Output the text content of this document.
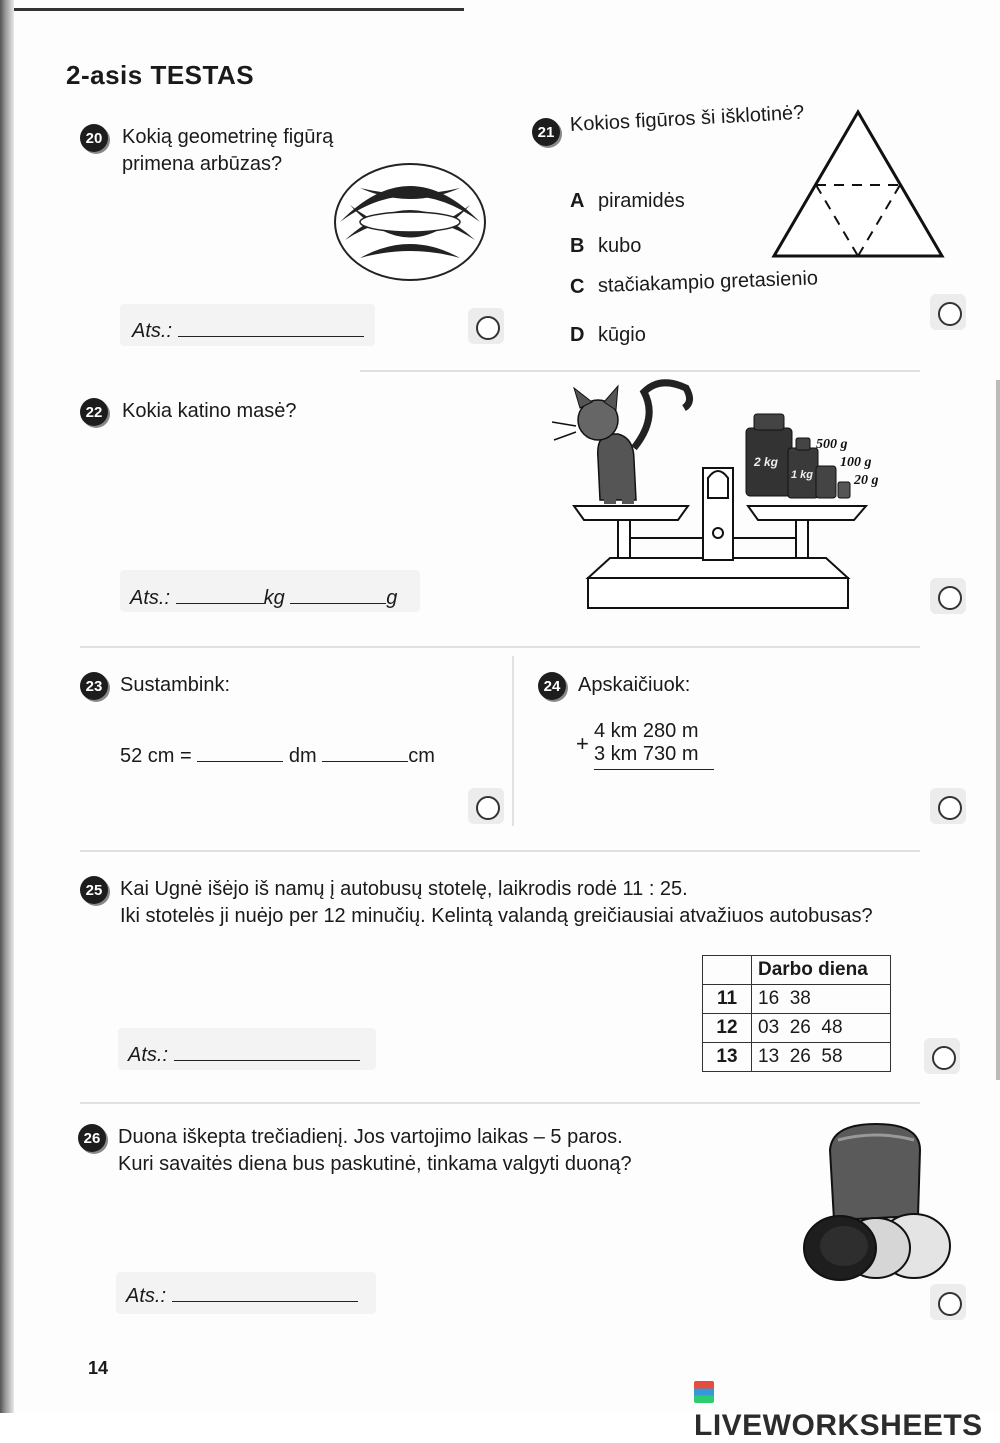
2-asis TESTAS
20 Kokią geometrinę figūrą
primena arbūzas?
Ats.:
21 Kokios figūros ši išklotinė?
A piramidės
B kubo
C stačiakampio gretasienio
D kūgio
22 Kokia katino masė?
Ats.:	kg	g
2 kg
1 kg
500 g
100 g
20 g
23 Sustambink:
52 cm =	dm	cm
24 Apskaičiuok:
+ 4 km 280 m
3 km 730 m
25 Kai Ugnė išėjo iš namų į autobusų stotelę, laikrodis rodė 11 : 25.
Iki stotelės ji nuėjo per 12 minučių. Kelintą valandą greičiausiai atvažiuos autobusas?
Ats.:
	Darbo diena
11	16  38
12	03  26  48
13	13  26  58
26 Duona iškepta trečiadienį. Jos vartojimo laikas – 5 paros.
Kuri savaitės diena bus paskutinė, tinkama valgyti duoną?
Ats.:
14
LIVEWORKSHEETS
